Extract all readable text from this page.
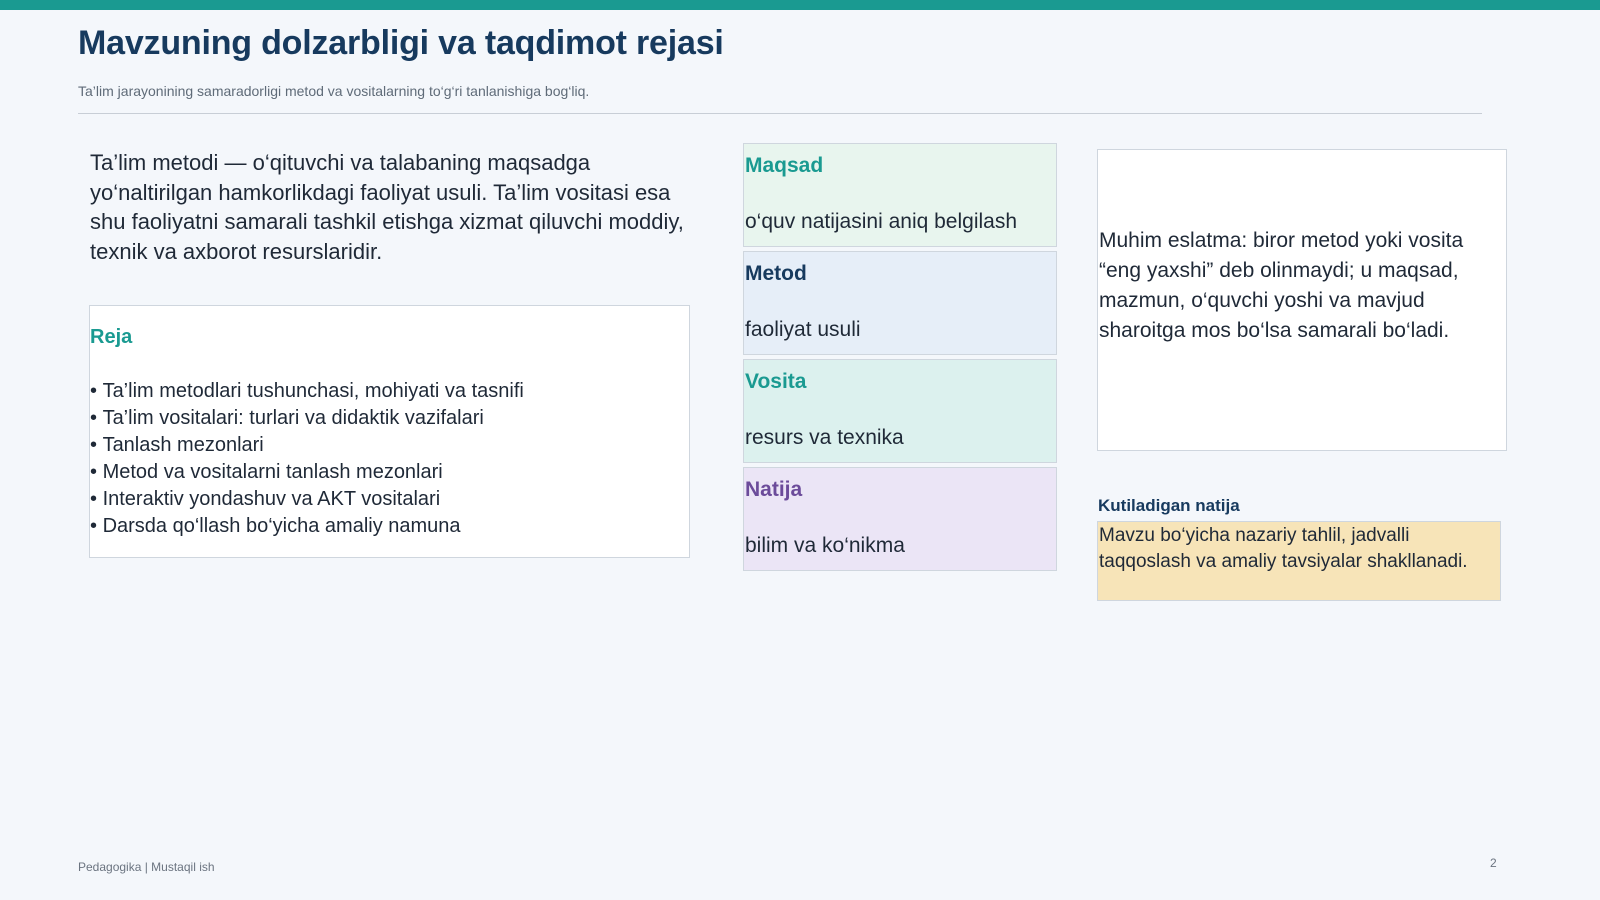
Mavzuning dolzarbligi va taqdimot rejasi

Ta’lim jarayonining samaradorligi metod va vositalarning to‘g‘ri tanlanishiga bog‘liq.

Ta’lim metodi — o‘qituvchi va talabaning maqsadga yo‘naltirilgan hamkorlikdagi faoliyat usuli. Ta’lim vositasi esa shu faoliyatni samarali tashkil etishga xizmat qiluvchi moddiy, texnik va axborot resurslaridir.

Reja
• Ta’lim metodlari tushunchasi, mohiyati va tasnifi
• Ta’lim vositalari: turlari va didaktik vazifalari
• Tanlash mezonlari
• Metod va vositalarni tanlash mezonlari
• Interaktiv yondashuv va AKT vositalari
• Darsda qo‘llash bo‘yicha amaliy namuna
Maqsad

o‘quv natijasini aniq belgilash

Metod

faoliyat usuli

Vosita

resurs va texnika

Natija

bilim va ko‘nikma

Muhim eslatma: biror metod yoki vosita “eng yaxshi” deb olinmaydi; u maqsad, mazmun, o‘quvchi yoshi va mavjud sharoitga mos bo‘lsa samarali bo‘ladi.

Kutiladigan natija

Mavzu bo‘yicha nazariy tahlil, jadvalli taqqoslash va amaliy tavsiyalar shakllanadi.

Pedagogika | Mustaqil ish	2
